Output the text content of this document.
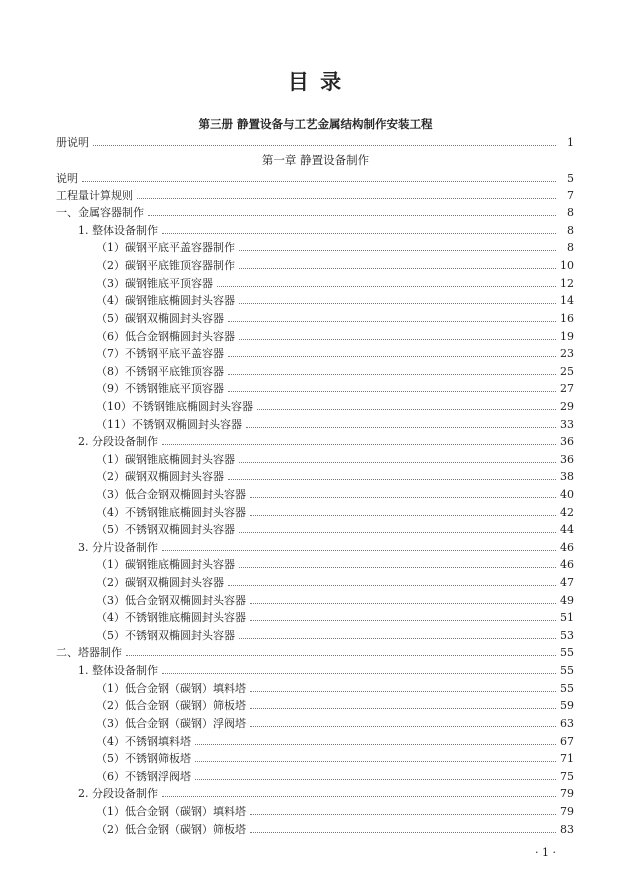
目 录
第三册 静置设备与工艺金属结构制作安装工程
第一章 静置设备制作
册说明	1
说明	5
工程量计算规则	7
一、金属容器制作	8
1. 整体设备制作	8
（1）碳钢平底平盖容器制作	8
（2）碳钢平底锥顶容器制作	10
（3）碳钢锥底平顶容器	12
（4）碳钢锥底椭圆封头容器	14
（5）碳钢双椭圆封头容器	16
（6）低合金钢椭圆封头容器	19
（7）不锈钢平底平盖容器	23
（8）不锈钢平底锥顶容器	25
（9）不锈钢锥底平顶容器	27
（10）不锈钢锥底椭圆封头容器	29
（11）不锈钢双椭圆封头容器	33
2. 分段设备制作	36
（1）碳钢锥底椭圆封头容器	36
（2）碳钢双椭圆封头容器	38
（3）低合金钢双椭圆封头容器	40
（4）不锈钢锥底椭圆封头容器	42
（5）不锈钢双椭圆封头容器	44
3. 分片设备制作	46
（1）碳钢锥底椭圆封头容器	46
（2）碳钢双椭圆封头容器	47
（3）低合金钢双椭圆封头容器	49
（4）不锈钢锥底椭圆封头容器	51
（5）不锈钢双椭圆封头容器	53
二、塔器制作	55
1. 整体设备制作	55
（1）低合金钢（碳钢）填料塔	55
（2）低合金钢（碳钢）筛板塔	59
（3）低合金钢（碳钢）浮阀塔	63
（4）不锈钢填料塔	67
（5）不锈钢筛板塔	71
（6）不锈钢浮阀塔	75
2. 分段设备制作	79
（1）低合金钢（碳钢）填料塔	79
（2）低合金钢（碳钢）筛板塔	83
· 1 ·
